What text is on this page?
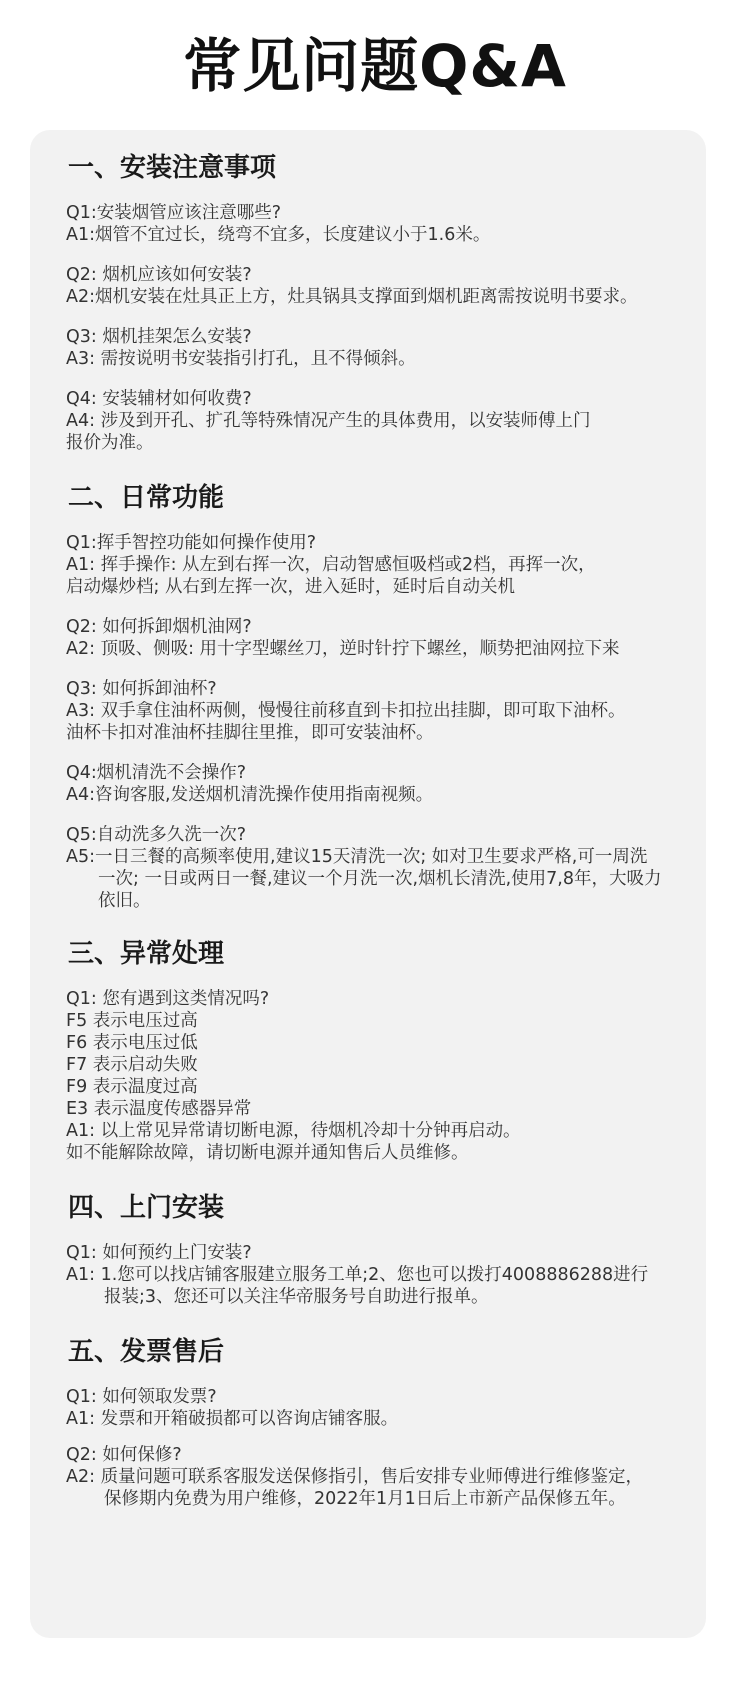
常见问题Q&A
一、安装注意事项
Q1:安装烟管应该注意哪些?
A1:烟管不宜过长，绕弯不宜多，长度建议小于1.6米。
Q2: 烟机应该如何安装?
A2:烟机安装在灶具正上方，灶具锅具支撑面到烟机距离需按说明书要求。
Q3: 烟机挂架怎么安装?
A3: 需按说明书安装指引打孔，且不得倾斜。
Q4: 安装辅材如何收费?
A4: 涉及到开孔、扩孔等特殊情况产生的具体费用，以安装师傅上门
报价为准。
二、日常功能
Q1:挥手智控功能如何操作使用?
A1: 挥手操作: 从左到右挥一次，启动智感恒吸档或2档，再挥一次，
启动爆炒档; 从右到左挥一次，进入延时，延时后自动关机
Q2: 如何拆卸烟机油网?
A2: 顶吸、侧吸: 用十字型螺丝刀，逆时针拧下螺丝，顺势把油网拉下来
Q3: 如何拆卸油杯?
A3: 双手拿住油杯两侧，慢慢往前移直到卡扣拉出挂脚，即可取下油杯。
油杯卡扣对准油杯挂脚往里推，即可安装油杯。
Q4:烟机清洗不会操作?
A4:咨询客服,发送烟机清洗操作使用指南视频。
Q5:自动洗多久洗一次?
A5:一日三餐的高频率使用,建议15天清洗一次; 如对卫生要求严格,可一周洗
一次; 一日或两日一餐,建议一个月洗一次,烟机长清洗,使用7,8年，大吸力
依旧。
三、异常处理
Q1: 您有遇到这类情况吗?
F5 表示电压过高
F6 表示电压过低
F7 表示启动失败
F9 表示温度过高
E3 表示温度传感器异常
A1: 以上常见异常请切断电源，待烟机冷却十分钟再启动。
如不能解除故障，请切断电源并通知售后人员维修。
四、上门安装
Q1: 如何预约上门安装?
A1: 1.您可以找店铺客服建立服务工单;2、您也可以拨打4008886288进行
报装;3、您还可以关注华帝服务号自助进行报单。
五、发票售后
Q1: 如何领取发票?
A1: 发票和开箱破损都可以咨询店铺客服。
Q2: 如何保修?
A2: 质量问题可联系客服发送保修指引，售后安排专业师傅进行维修鉴定，
保修期内免费为用户维修，2022年1月1日后上市新产品保修五年。
